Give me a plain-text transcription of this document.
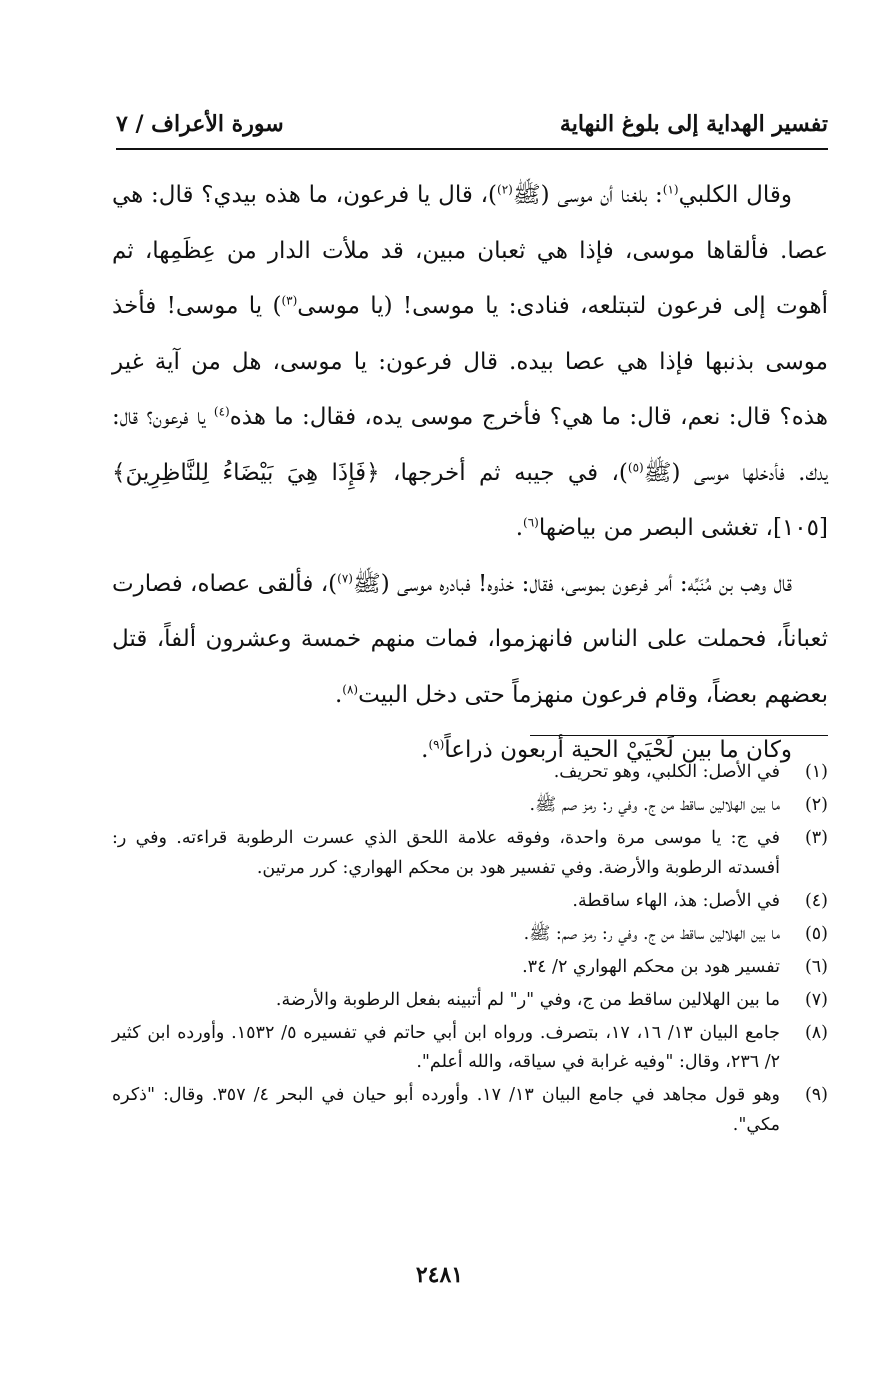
تفسير الهداية إلى بلوغ النهاية
سورة الأعراف / ٧

وقال الكلبي$^{(١)}$: بلغنا أن موسى (ﷺ$^{(٢)}$)، قال يا فرعون، ما هذه بيدي؟ قال: هي عصا. فألقاها موسى، فإذا هي ثعبان مبين، قد ملأت الدار من عِظَمِها، ثم أهوت إلى فرعون لتبتلعه، فنادى: يا موسى! (يا موسى$^{(٣)}$) يا موسى! فأخذ موسى بذنبها فإذا هي عصا بيده. قال فرعون: يا موسى، هل من آية غير هذه؟ قال: نعم، قال: ما هي؟ فأخرج موسى يده، فقال: ما هذه$^{(٤)}$ يا فرعون؟ قال: يدك. فأدخلها موسى (ﷺ$^{(٥)}$)، في جيبه ثم أخرجها، ﴿فَإِذَا هِيَ بَيْضَاءُ لِلنَّاظِرِينَ﴾ [١٠٥]، تغشى البصر من بياضها$^{(٦)}$.

قال وهب بن مُنَبِّه: أمر فرعون بموسى، فقال: خذوه! فبادره موسى (ﷺ$^{(٧)}$)، فألقى عصاه، فصارت ثعباناً، فحملت على الناس فانهزموا، فمات منهم خمسة وعشرون ألفاً، قتل بعضهم بعضاً، وقام فرعون منهزماً حتى دخل البيت$^{(٨)}$.

وكان ما بين لَحْيَيْ الحية أربعون ذراعاً$^{(٩)}$.

(١)
في الأصل: الكلبي، وهو تحريف.
(٢)
ما بين الهلالين ساقط من ج. وفي ر: رمز صم ﷺ.
(٣)
في ج: يا موسى مرة واحدة، وفوقه علامة اللحق الذي عسرت الرطوبة قراءته. وفي ر: أفسدته الرطوبة والأرضة. وفي تفسير هود بن محكم الهواري: كرر مرتين.
(٤)
في الأصل: هذ، الهاء ساقطة.
(٥)
ما بين الهلالين ساقط من ج. وفي ر: رمز صم: ﷺ.
(٦)
تفسير هود بن محكم الهواري ٢/ ٣٤.
(٧)
ما بين الهلالين ساقط من ج، وفي "ر" لم أتبينه بفعل الرطوبة والأرضة.
(٨)
جامع البيان ١٣/ ١٦، ١٧، بتصرف. ورواه ابن أبي حاتم في تفسيره ٥/ ١٥٣٢. وأورده ابن كثير ٢/ ٢٣٦، وقال: "وفيه غرابة في سياقه، والله أعلم".
(٩)
وهو قول مجاهد في جامع البيان ١٣/ ١٧. وأورده أبو حيان في البحر ٤/ ٣٥٧. وقال: "ذكره مكي".
٢٤٨١
